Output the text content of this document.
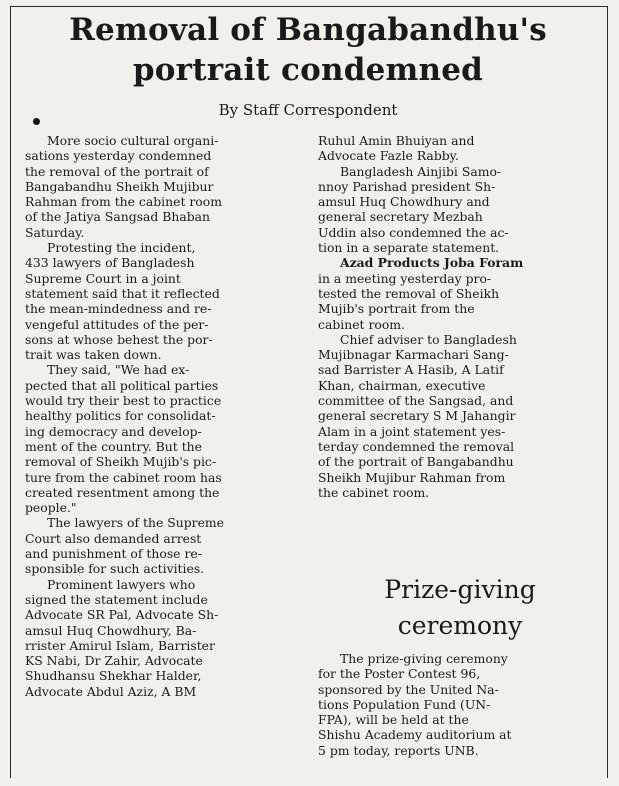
Removal of Bangabandhu's
portrait condemned
By Staff Correspondent

More socio cultural organi-

sations yesterday condemned

the removal of the portrait of

Bangabandhu Sheikh Mujibur

Rahman from the cabinet room

of the Jatiya Sangsad Bhaban

Saturday.

Protesting the incident,

433 lawyers of Bangladesh

Supreme Court in a joint

statement said that it reflected

the mean-mindedness and re-

vengeful attitudes of the per-

sons at whose behest the por-

trait was taken down.

They said, "We had ex-

pected that all political parties

would try their best to practice

healthy politics for consolidat-

ing democracy and develop-

ment of the country. But the

removal of Sheikh Mujib's pic-

ture from the cabinet room has

created resentment among the

people."

The lawyers of the Supreme

Court also demanded arrest

and punishment of those re-

sponsible for such activities.

Prominent lawyers who

signed the statement include

Advocate SR Pal, Advocate Sh-

amsul Huq Chowdhury, Ba-

rrister Amirul Islam, Barrister

KS Nabi, Dr Zahir, Advocate

Shudhansu Shekhar Halder,

Advocate Abdul Aziz, A BM

Ruhul Amin Bhuiyan and

Advocate Fazle Rabby.

Bangladesh Ainjibi Samo-

nnoy Parishad president Sh-

amsul Huq Chowdhury and

general secretary Mezbah

Uddin also condemned the ac-

tion in a separate statement.

Azad Products Joba Foram

in a meeting yesterday pro-

tested the removal of Sheikh

Mujib's portrait from the

cabinet room.

Chief adviser to Bangladesh

Mujibnagar Karmachari Sang-

sad Barrister A Hasib, A Latif

Khan, chairman, executive

committee of the Sangsad, and

general secretary S M Jahangir

Alam in a joint statement yes-

terday condemned the removal

of the portrait of Bangabandhu

Sheikh Mujibur Rahman from

the cabinet room.

Prize-giving
ceremony

The prize-giving ceremony

for the Poster Contest 96,

sponsored by the United Na-

tions Population Fund (UN-

FPA), will be held at the

Shishu Academy auditorium at

5 pm today, reports UNB.
